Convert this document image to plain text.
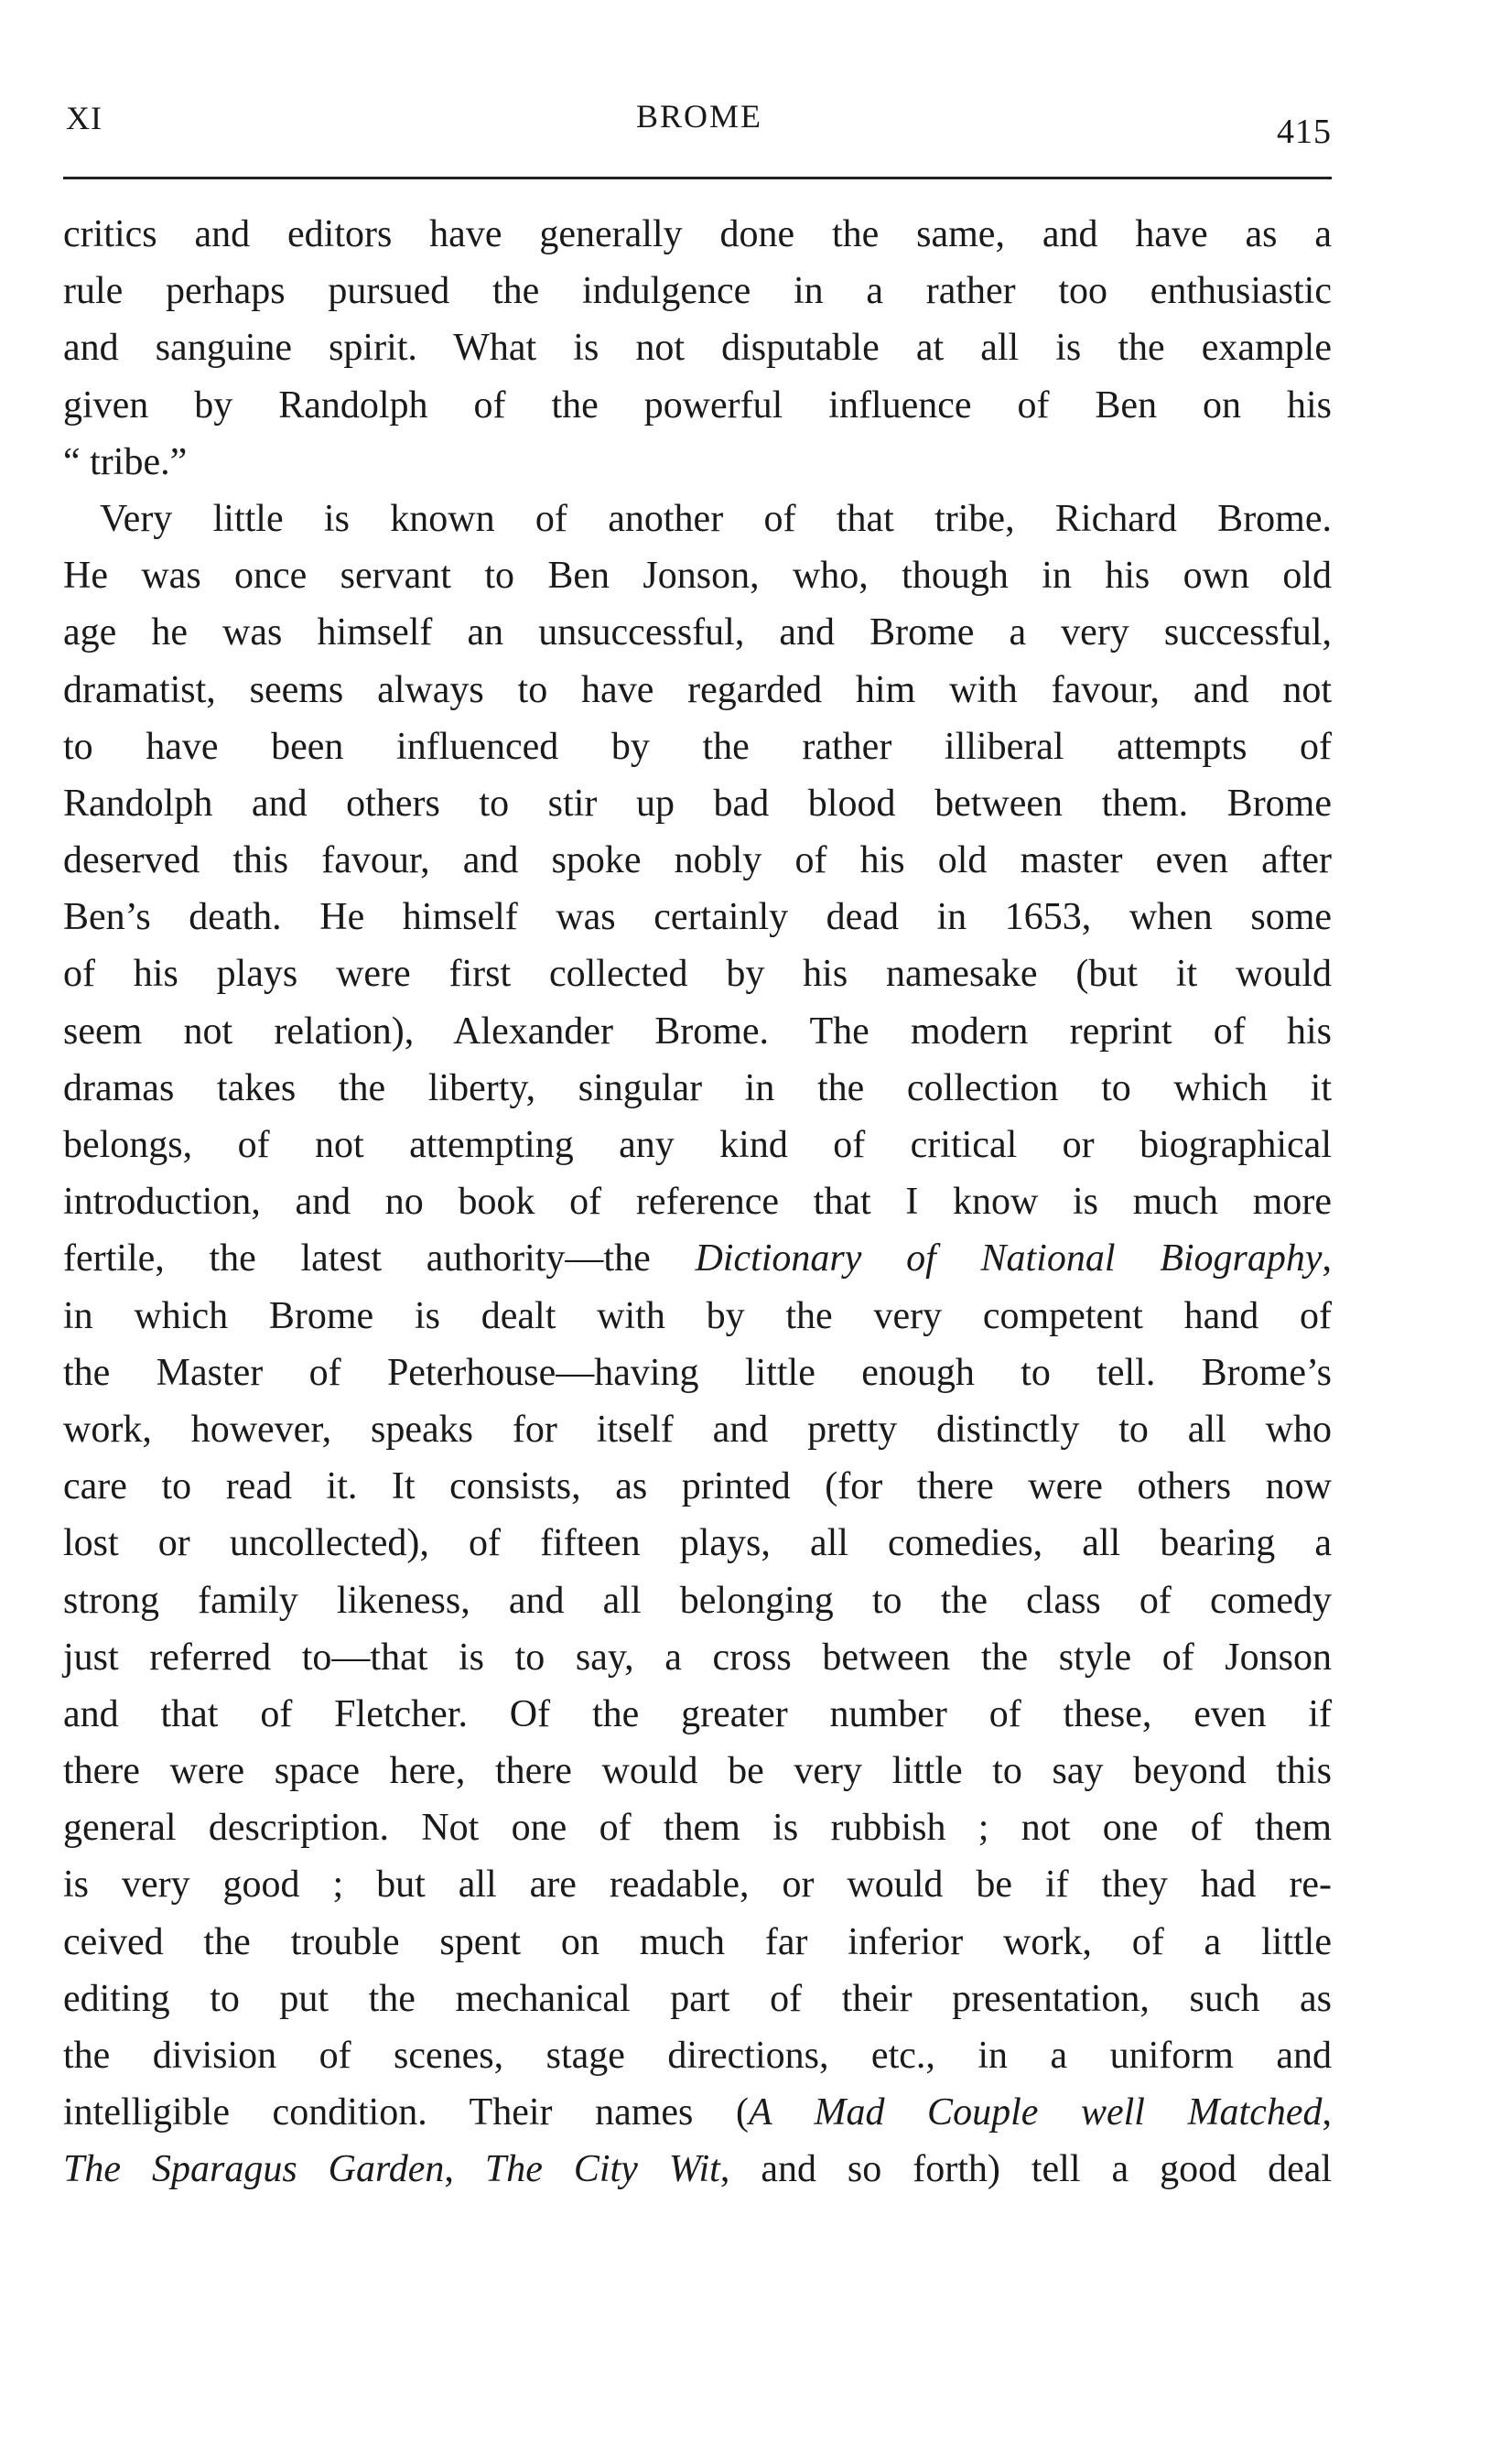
XI	BROME	415
critics and editors have generally done the same, and have as a
rule perhaps pursued the indulgence in a rather too enthusiastic
and sanguine spirit. What is not disputable at all is the example
given by Randolph of the powerful influence of Ben on his
“ tribe.”
Very little is known of another of that tribe, Richard Brome.
He was once servant to Ben Jonson, who, though in his own old
age he was himself an unsuccessful, and Brome a very successful,
dramatist, seems always to have regarded him with favour, and not
to have been influenced by the rather illiberal attempts of
Randolph and others to stir up bad blood between them. Brome
deserved this favour, and spoke nobly of his old master even after
Ben’s death. He himself was certainly dead in 1653, when some
of his plays were first collected by his namesake (but it would
seem not relation), Alexander Brome. The modern reprint of his
dramas takes the liberty, singular in the collection to which it
belongs, of not attempting any kind of critical or biographical
introduction, and no book of reference that I know is much more
fertile, the latest authority—the Dictionary of National Biography,
in which Brome is dealt with by the very competent hand of
the Master of Peterhouse—having little enough to tell. Brome’s
work, however, speaks for itself and pretty distinctly to all who
care to read it. It consists, as printed (for there were others now
lost or uncollected), of fifteen plays, all comedies, all bearing a
strong family likeness, and all belonging to the class of comedy
just referred to—that is to say, a cross between the style of Jonson
and that of Fletcher. Of the greater number of these, even if
there were space here, there would be very little to say beyond this
general description. Not one of them is rubbish ; not one of them
is very good ; but all are readable, or would be if they had re-
ceived the trouble spent on much far inferior work, of a little
editing to put the mechanical part of their presentation, such as
the division of scenes, stage directions, etc., in a uniform and
intelligible condition. Their names (A Mad Couple well Matched,
The Sparagus Garden, The City Wit, and so forth) tell a good deal
